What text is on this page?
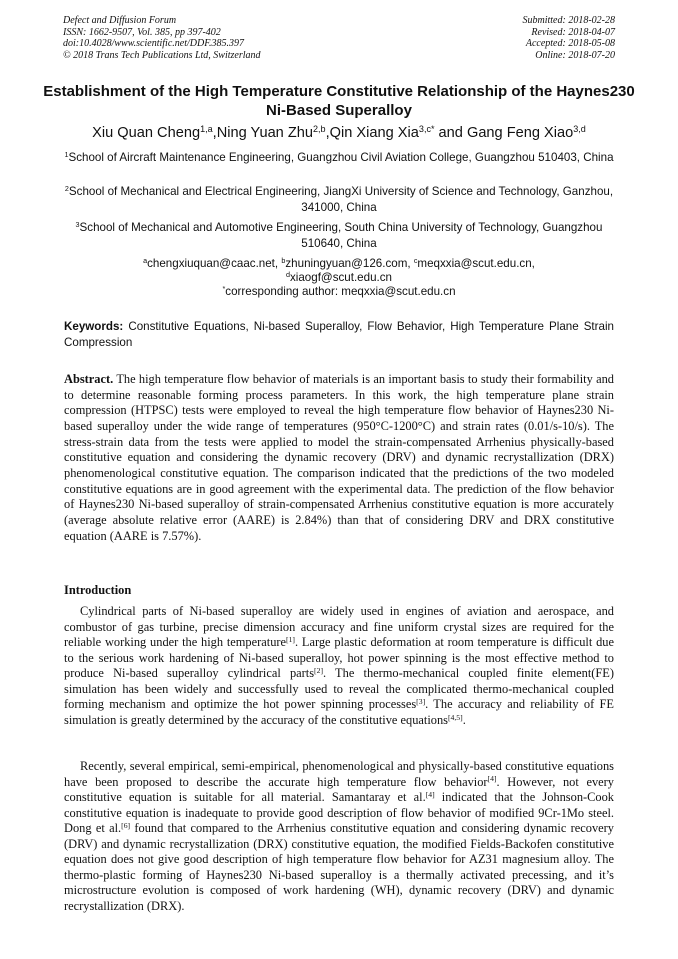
Defect and Diffusion Forum
ISSN: 1662-9507, Vol. 385, pp 397-402
doi:10.4028/www.scientific.net/DDF.385.397
© 2018 Trans Tech Publications Ltd, Switzerland
Submitted: 2018-02-28
Revised: 2018-04-07
Accepted: 2018-05-08
Online: 2018-07-20
Establishment of the High Temperature Constitutive Relationship of the Haynes230 Ni-Based Superalloy
Xiu Quan Cheng$^{1,a}$,Ning Yuan Zhu$^{2,b}$,Qin Xiang Xia$^{3,c*}$ and Gang Feng Xiao$^{3,d}$
$^1$School of Aircraft Maintenance Engineering, Guangzhou Civil Aviation College, Guangzhou 510403, China
$^2$School of Mechanical and Electrical Engineering, JiangXi University of Science and Technology, Ganzhou, 341000, China
$^3$School of Mechanical and Automotive Engineering, South China University of Technology, Guangzhou 510640, China
$^a$chengxiuquan@caac.net, $^b$zhuningyuan@126.com, $^c$meqxxia@scut.edu.cn,
$^d$xiaogf@scut.edu.cn
*corresponding author: meqxxia@scut.edu.cn
Keywords: Constitutive Equations, Ni-based Superalloy, Flow Behavior, High Temperature Plane Strain Compression
Abstract. The high temperature flow behavior of materials is an important basis to study their formability and to determine reasonable forming process parameters. In this work, the high temperature plane strain compression (HTPSC) tests were employed to reveal the high temperature flow behavior of Haynes230 Ni-based superalloy under the wide range of temperatures (950°C-1200°C) and strain rates (0.01/s-10/s). The stress-strain data from the tests were applied to model the strain-compensated Arrhenius physically-based constitutive equation and considering the dynamic recovery (DRV) and dynamic recrystallization (DRX) phenomenological constitutive equation. The comparison indicated that the predictions of the two modeled constitutive equations are in good agreement with the experimental data. The prediction of the flow behavior of Haynes230 Ni-based superalloy of strain-compensated Arrhenius constitutive equation is more accurately (average absolute relative error (AARE) is 2.84%) than that of considering DRV and DRX constitutive equation (AARE is 7.57%).
Introduction

Cylindrical parts of Ni-based superalloy are widely used in engines of aviation and aerospace, and combustor of gas turbine, precise dimension accuracy and fine uniform crystal sizes are required for the reliable working under the high temperature[1]. Large plastic deformation at room temperature is difficult due to the serious work hardening of Ni-based superalloy, hot power spinning is the most effective method to produce Ni-based superalloy cylindrical parts[2]. The thermo-mechanical coupled finite element(FE) simulation has been widely and successfully used to reveal the complicated thermo-mechanical coupled forming mechanism and optimize the hot power spinning processes[3]. The accuracy and reliability of FE simulation is greatly determined by the accuracy of the constitutive equations[4,5].

Recently, several empirical, semi-empirical, phenomenological and physically-based constitutive equations have been proposed to describe the accurate high temperature flow behavior[4]. However, not every constitutive equation is suitable for all material. Samantaray et al.[4] indicated that the Johnson-Cook constitutive equation is inadequate to provide good description of flow behavior of modified 9Cr-1Mo steel. Dong et al.[6] found that compared to the Arrhenius constitutive equation and considering dynamic recovery (DRV) and dynamic recrystallization (DRX) constitutive equation, the modified Fields-Backofen constitutive equation does not give good description of high temperature flow behavior for AZ31 magnesium alloy. The thermo-plastic forming of Haynes230 Ni-based superalloy is a thermally activated precessing, and it’s microstructure evolution is composed of work hardening (WH), dynamic recovery (DRV) and dynamic recrystallization (DRX).
